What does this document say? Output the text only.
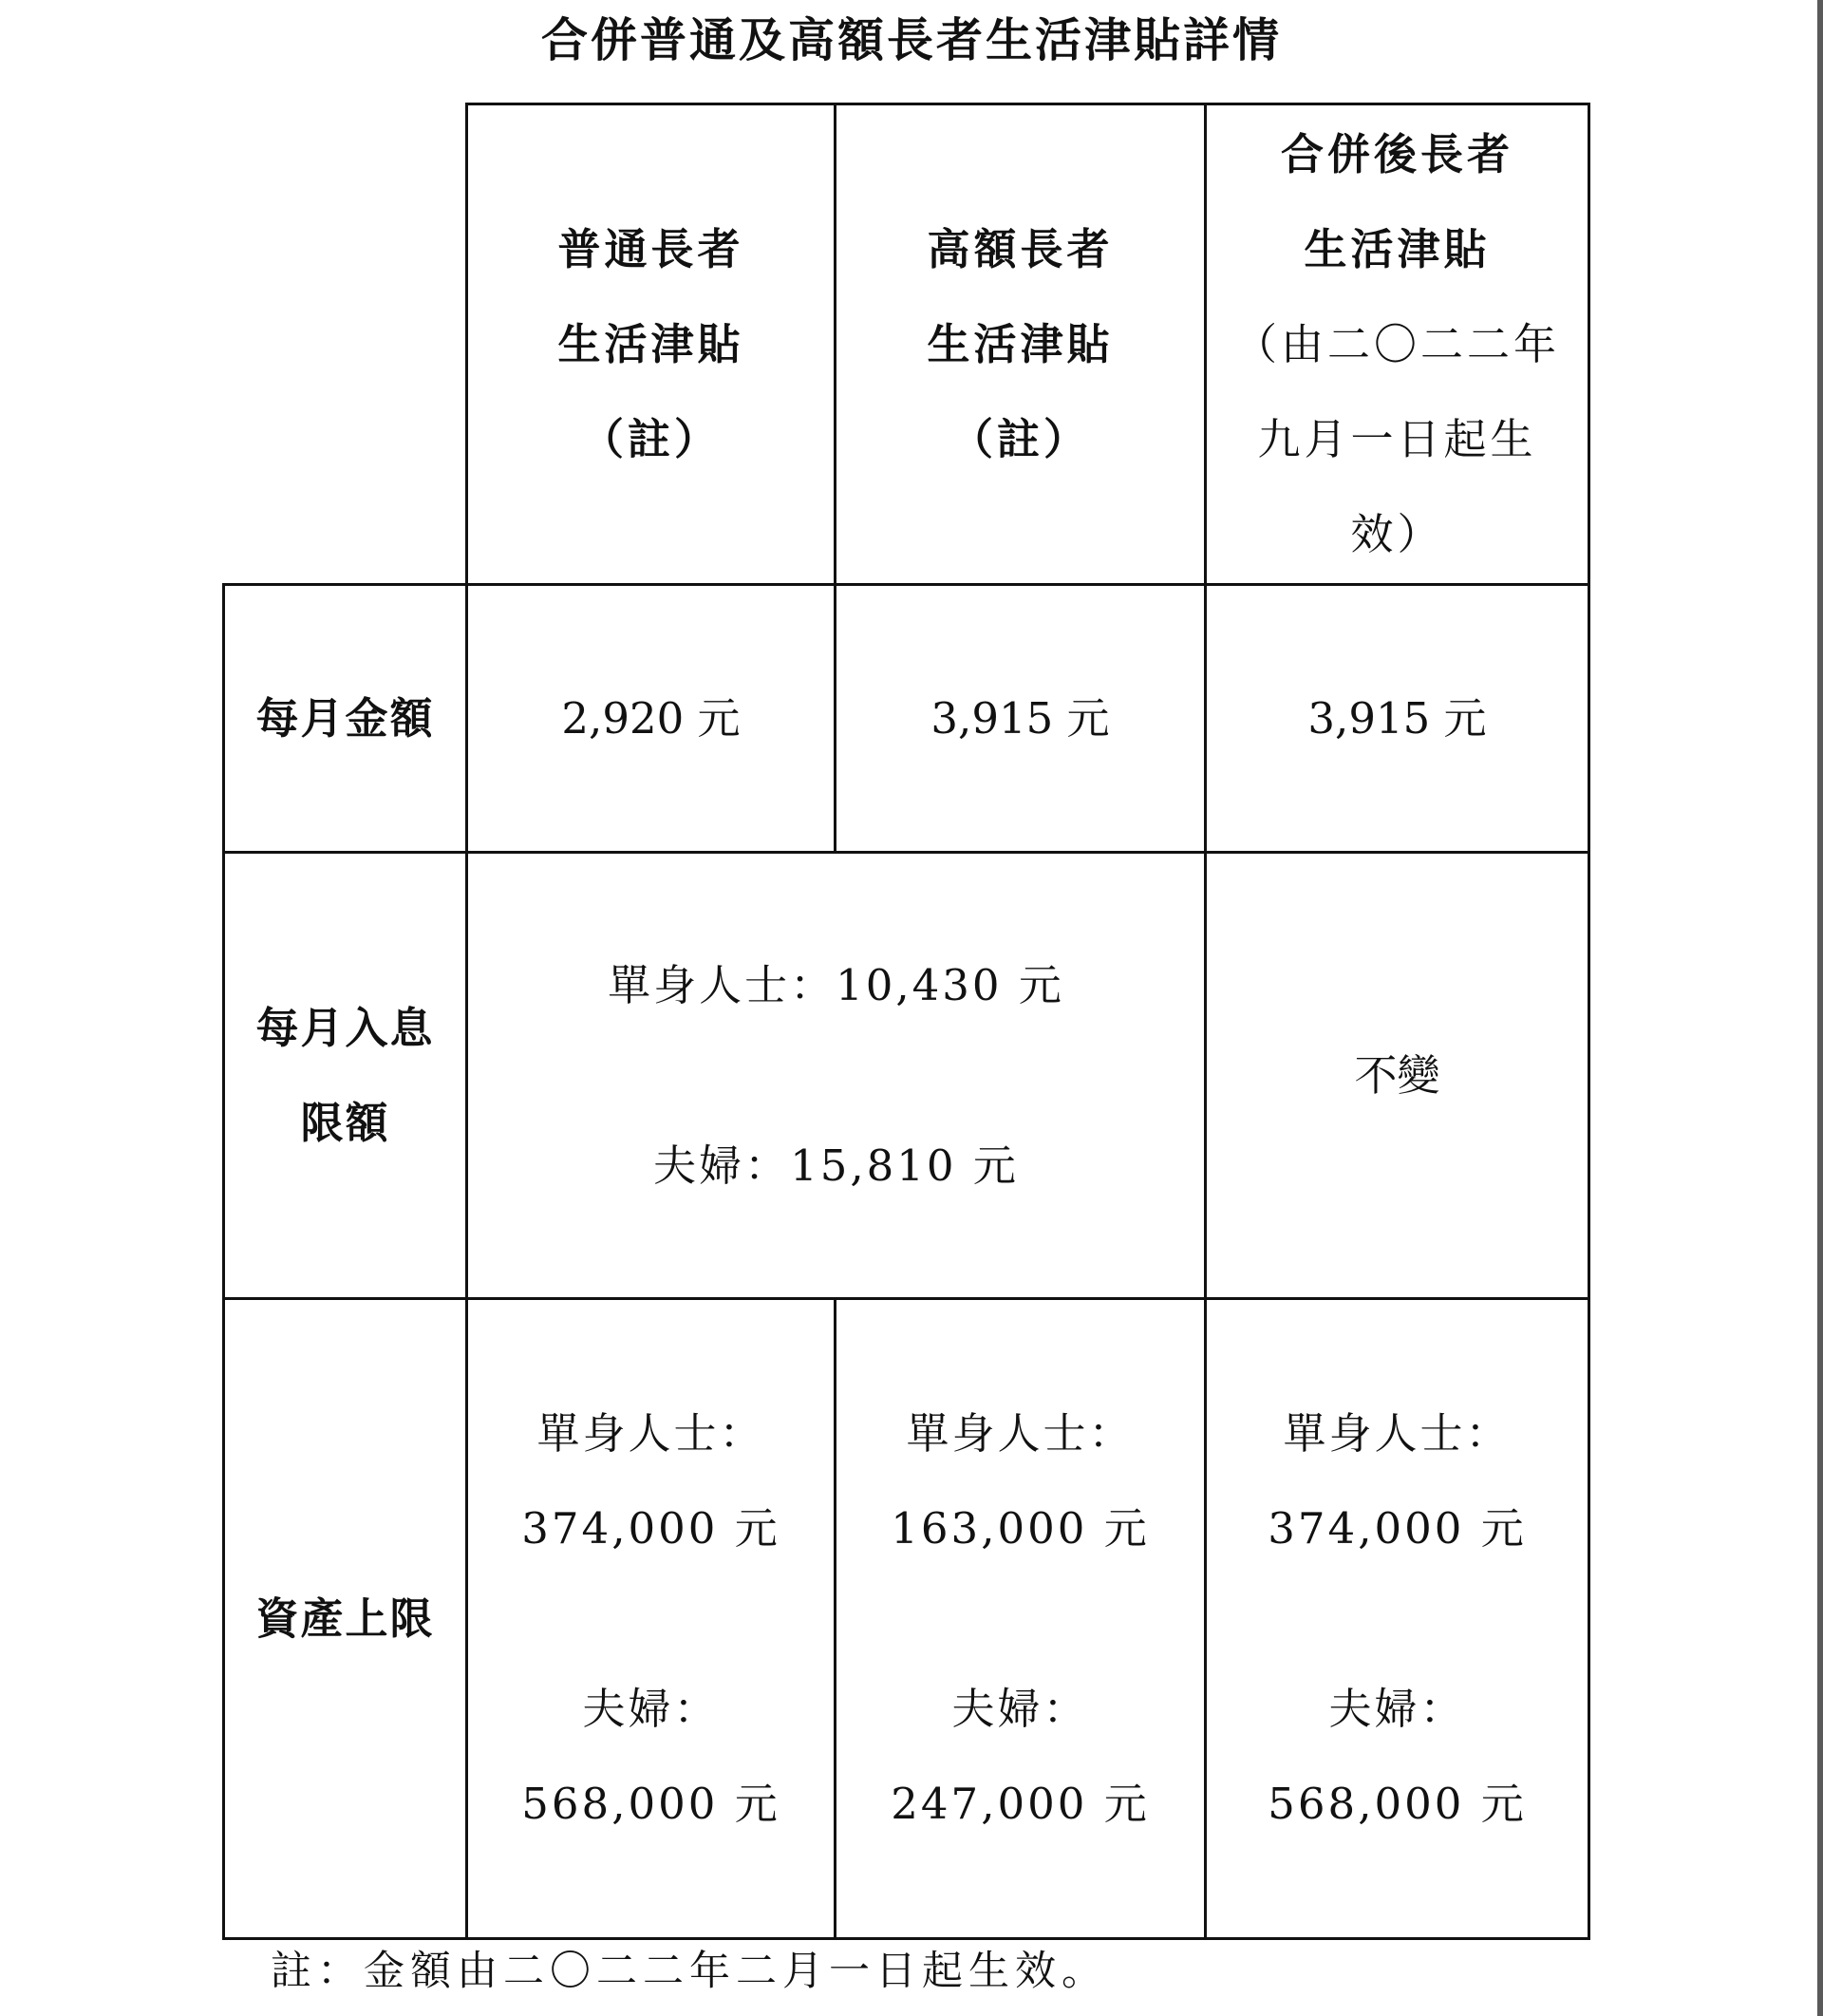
合併普通及高額長者生活津貼詳情

	普通長者
生活津貼
（註）	高額長者
生活津貼
（註）	合併後長者
生活津貼
（由二〇二二年
九月一日起生
效）

每月金額	2,920 元	3,915 元	3,915 元

每月入息
限額	單身人士：10,430 元
夫婦：15,810 元		不變
資產上限	單身人士：
374,000 元
夫婦：
568,000 元	單身人士：
163,000 元
夫婦：
247,000 元	單身人士：
374,000 元
夫婦：
568,000 元
註：金額由二〇二二年二月一日起生效。
